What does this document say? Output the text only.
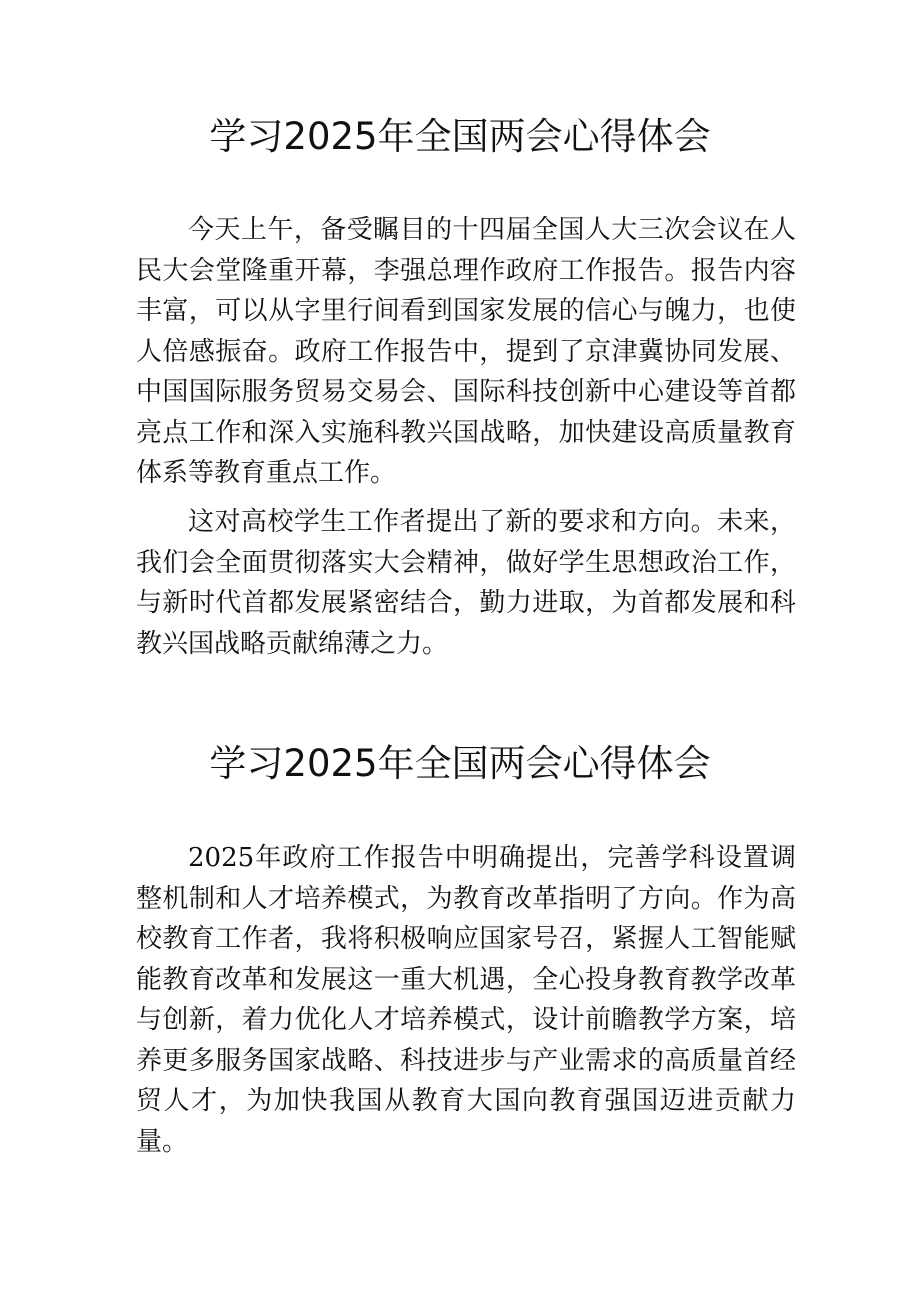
学习2025年全国两会心得体会

今天上午，备受瞩目的十四届全国人大三次会议在人民大会堂隆重开幕，李强总理作政府工作报告。报告内容丰富，可以从字里行间看到国家发展的信心与魄力，也使人倍感振奋。政府工作报告中，提到了京津冀协同发展、中国国际服务贸易交易会、国际科技创新中心建设等首都亮点工作和深入实施科教兴国战略，加快建设高质量教育体系等教育重点工作。

这对高校学生工作者提出了新的要求和方向。未来，我们会全面贯彻落实大会精神，做好学生思想政治工作，与新时代首都发展紧密结合，勤力进取，为首都发展和科教兴国战略贡献绵薄之力。

学习2025年全国两会心得体会

2025年政府工作报告中明确提出，完善学科设置调整机制和人才培养模式，为教育改革指明了方向。作为高校教育工作者，我将积极响应国家号召，紧握人工智能赋能教育改革和发展这一重大机遇，全心投身教育教学改革与创新，着力优化人才培养模式，设计前瞻教学方案，培养更多服务国家战略、科技进步与产业需求的高质量首经贸人才，为加快我国从教育大国向教育强国迈进贡献力量。
